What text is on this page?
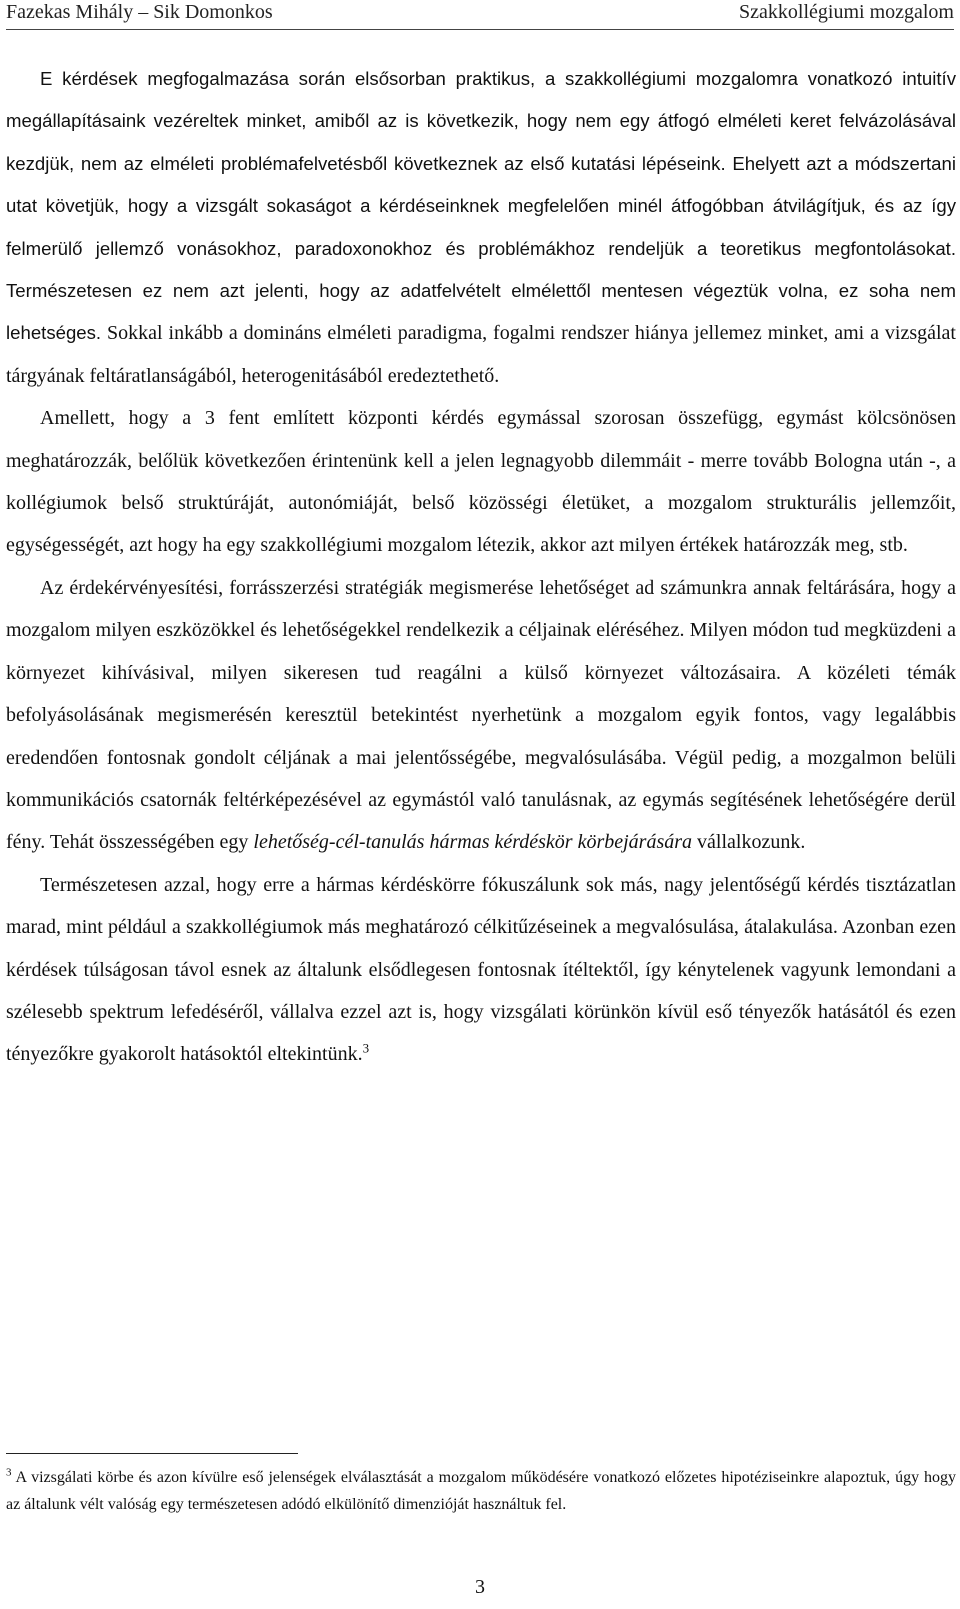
Fazekas Mihály – Sik Domonkos	Szakkollégiumi mozgalom

E kérdések megfogalmazása során elsősorban praktikus, a szakkollégiumi mozgalomra vonatkozó intuitív megállapításaink vezéreltek minket, amiből az is következik, hogy nem egy átfogó elméleti keret felvázolásával kezdjük, nem az elméleti problémafelvetésből következnek az első kutatási lépéseink. Ehelyett azt a módszertani utat követjük, hogy a vizsgált sokaságot a kérdéseinknek megfelelően minél átfogóbban átvilágítjuk, és az így felmerülő jellemző vonásokhoz, paradoxonokhoz és problémákhoz rendeljük a teoretikus megfontolásokat. Természetesen ez nem azt jelenti, hogy az adatfelvételt elmélettől mentesen végeztük volna, ez soha nem lehetséges. Sokkal inkább a domináns elméleti paradigma, fogalmi rendszer hiánya jellemez minket, ami a vizsgálat tárgyának feltáratlanságából, heterogenitásából eredeztethető.

Amellett, hogy a 3 fent említett központi kérdés egymással szorosan összefügg, egymást kölcsönösen meghatározzák, belőlük következően érintenünk kell a jelen legnagyobb dilemmáit - merre tovább Bologna után -, a kollégiumok belső struktúráját, autonómiáját, belső közösségi életüket, a mozgalom strukturális jellemzőit, egységességét, azt hogy ha egy szakkollégiumi mozgalom létezik, akkor azt milyen értékek határozzák meg, stb.

Az érdekérvényesítési, forrásszerzési stratégiák megismerése lehetőséget ad számunkra annak feltárására, hogy a mozgalom milyen eszközökkel és lehetőségekkel rendelkezik a céljainak eléréséhez. Milyen módon tud megküzdeni a környezet kihívásival, milyen sikeresen tud reagálni a külső környezet változásaira. A közéleti témák befolyásolásának megismerésén keresztül betekintést nyerhetünk a mozgalom egyik fontos, vagy legalábbis eredendően fontosnak gondolt céljának a mai jelentősségébe, megvalósulásába. Végül pedig, a mozgalmon belüli kommunikációs csatornák feltérképezésével az egymástól való tanulásnak, az egymás segítésének lehetőségére derül fény. Tehát összességében egy lehetőség-cél-tanulás hármas kérdéskör körbejárására vállalkozunk.

Természetesen azzal, hogy erre a hármas kérdéskörre fókuszálunk sok más, nagy jelentőségű kérdés tisztázatlan marad, mint például a szakkollégiumok más meghatározó célkitűzéseinek a megvalósulása, átalakulása. Azonban ezen kérdések túlságosan távol esnek az általunk elsődlegesen fontosnak ítéltektől, így kénytelenek vagyunk lemondani a szélesebb spektrum lefedéséről, vállalva ezzel azt is, hogy vizsgálati körünkön kívül eső tényezők hatásától és ezen tényezőkre gyakorolt hatásoktól eltekintünk.$^3$

$^3$ A vizsgálati körbe és azon kívülre eső jelenségek elválasztását a mozgalom működésére vonatkozó előzetes hipotéziseinkre alapoztuk, úgy hogy az általunk vélt valóság egy természetesen adódó elkülönítő dimenzióját használtuk fel.
3
